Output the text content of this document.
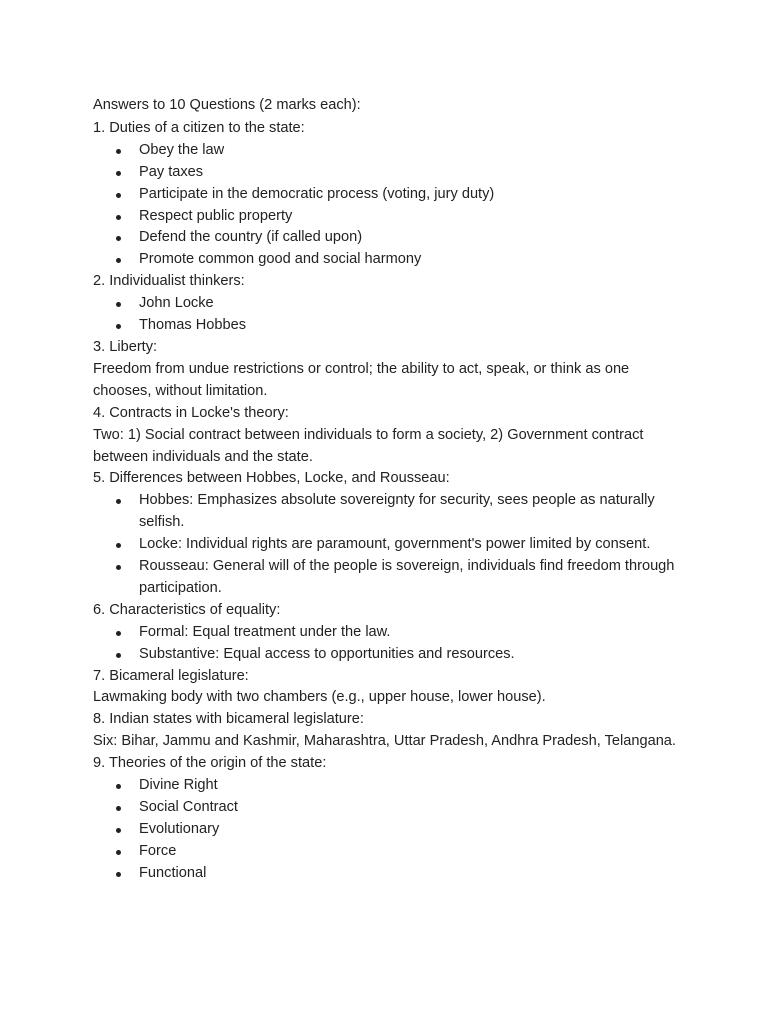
Answers to 10 Questions (2 marks each):

1. Duties of a citizen to the state:

Obey the law
Pay taxes
Participate in the democratic process (voting, jury duty)
Respect public property
Defend the country (if called upon)
Promote common good and social harmony

2. Individualist thinkers:

John Locke
Thomas Hobbes

3. Liberty:

Freedom from undue restrictions or control; the ability to act, speak, or think as one chooses, without limitation.

4. Contracts in Locke's theory:

Two: 1) Social contract between individuals to form a society, 2) Government contract between individuals and the state.

5. Differences between Hobbes, Locke, and Rousseau:

Hobbes: Emphasizes absolute sovereignty for security, sees people as naturally selfish.
Locke: Individual rights are paramount, government's power limited by consent.
Rousseau: General will of the people is sovereign, individuals find freedom through participation.

6. Characteristics of equality:

Formal: Equal treatment under the law.
Substantive: Equal access to opportunities and resources.

7. Bicameral legislature:

Lawmaking body with two chambers (e.g., upper house, lower house).

8. Indian states with bicameral legislature:

Six: Bihar, Jammu and Kashmir, Maharashtra, Uttar Pradesh, Andhra Pradesh, Telangana.

9. Theories of the origin of the state:

Divine Right
Social Contract
Evolutionary
Force
Functional
